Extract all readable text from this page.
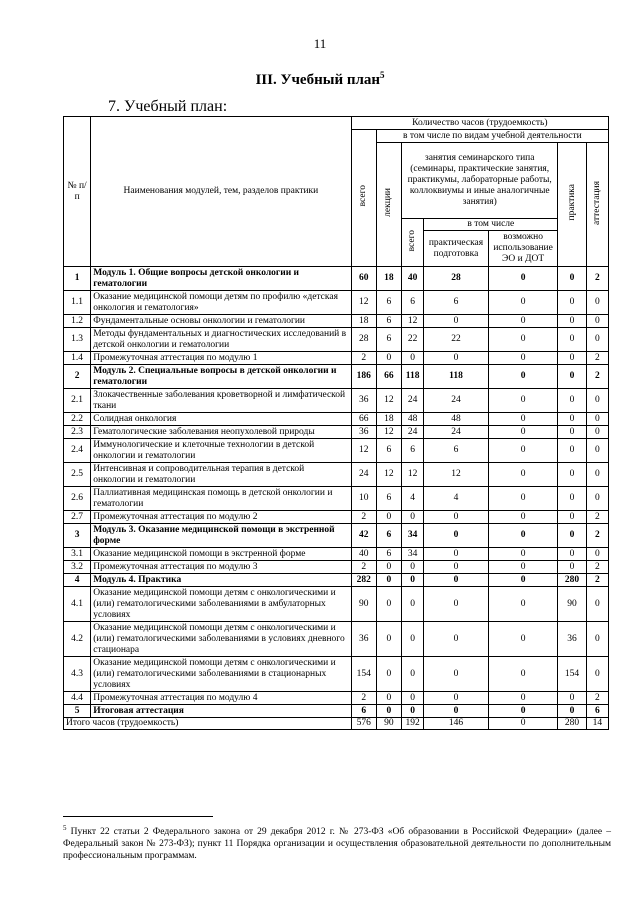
11
III. Учебный план$^5$
7. Учебный план:
№ п/п	Наименования модулей, тем, разделов практики	Количество часов (трудоемкость)						
		всего	в том числе по видам учебной деятельности					
			лекции	занятия семинарского типа (семинары, практические занятия, практикумы, лабораторные работы, коллоквиумы и иные аналогичные занятия)			практика	аттестация
				всего	в том числе			
					практическая подготовка	возможно использование ЭО и ДОТ		
1	Модуль 1. Общие вопросы детской онкологии и гематологии	60	18	40	28	0	0	2
1.1	Оказание медицинской помощи детям по профилю «детская онкология и гематология»	12	6	6	6	0	0	0
1.2	Фундаментальные основы онкологии и гематологии	18	6	12	0	0	0	0
1.3	Методы фундаментальных и диагностических исследований в детской онкологии и гематологии	28	6	22	22	0	0	0
1.4	Промежуточная аттестация по модулю 1	2	0	0	0	0	0	2
2	Модуль 2. Специальные вопросы в детской онкологии и гематологии	186	66	118	118	0	0	2
2.1	Злокачественные заболевания кроветворной и лимфатической ткани	36	12	24	24	0	0	0
2.2	Солидная онкология	66	18	48	48	0	0	0
2.3	Гематологические заболевания неопухолевой природы	36	12	24	24	0	0	0
2.4	Иммунологические и клеточные технологии в детской онкологии и гематологии	12	6	6	6	0	0	0
2.5	Интенсивная и сопроводительная терапия в детской онкологии и гематологии	24	12	12	12	0	0	0
2.6	Паллиативная медицинская помощь в детской онкологии и гематологии	10	6	4	4	0	0	0
2.7	Промежуточная аттестация по модулю 2	2	0	0	0	0	0	2
3	Модуль 3. Оказание медицинской помощи в экстренной форме	42	6	34	0	0	0	2
3.1	Оказание медицинской помощи в экстренной форме	40	6	34	0	0	0	0
3.2	Промежуточная аттестация по модулю 3	2	0	0	0	0	0	2
4	Модуль 4. Практика	282	0	0	0	0	280	2
4.1	Оказание медицинской помощи детям с онкологическими и (или) гематологическими заболеваниями в амбулаторных условиях	90	0	0	0	0	90	0
4.2	Оказание медицинской помощи детям с онкологическими и (или) гематологическими заболеваниями в условиях дневного стационара	36	0	0	0	0	36	0
4.3	Оказание медицинской помощи детям с онкологическими и (или) гематологическими заболеваниями в стационарных условиях	154	0	0	0	0	154	0
4.4	Промежуточная аттестация по модулю 4	2	0	0	0	0	0	2
5	Итоговая аттестация	6	0	0	0	0	0	6
Итого часов (трудоемкость)		576	90	192	146	0	280	14
$^5$ Пункт 22 статьи 2 Федерального закона от 29 декабря 2012 г. № 273-ФЗ «Об образовании в Российской Федерации» (далее – Федеральный закон № 273-ФЗ); пункт 11 Порядка организации и осуществления образовательной деятельности по дополнительным профессиональным программам.
